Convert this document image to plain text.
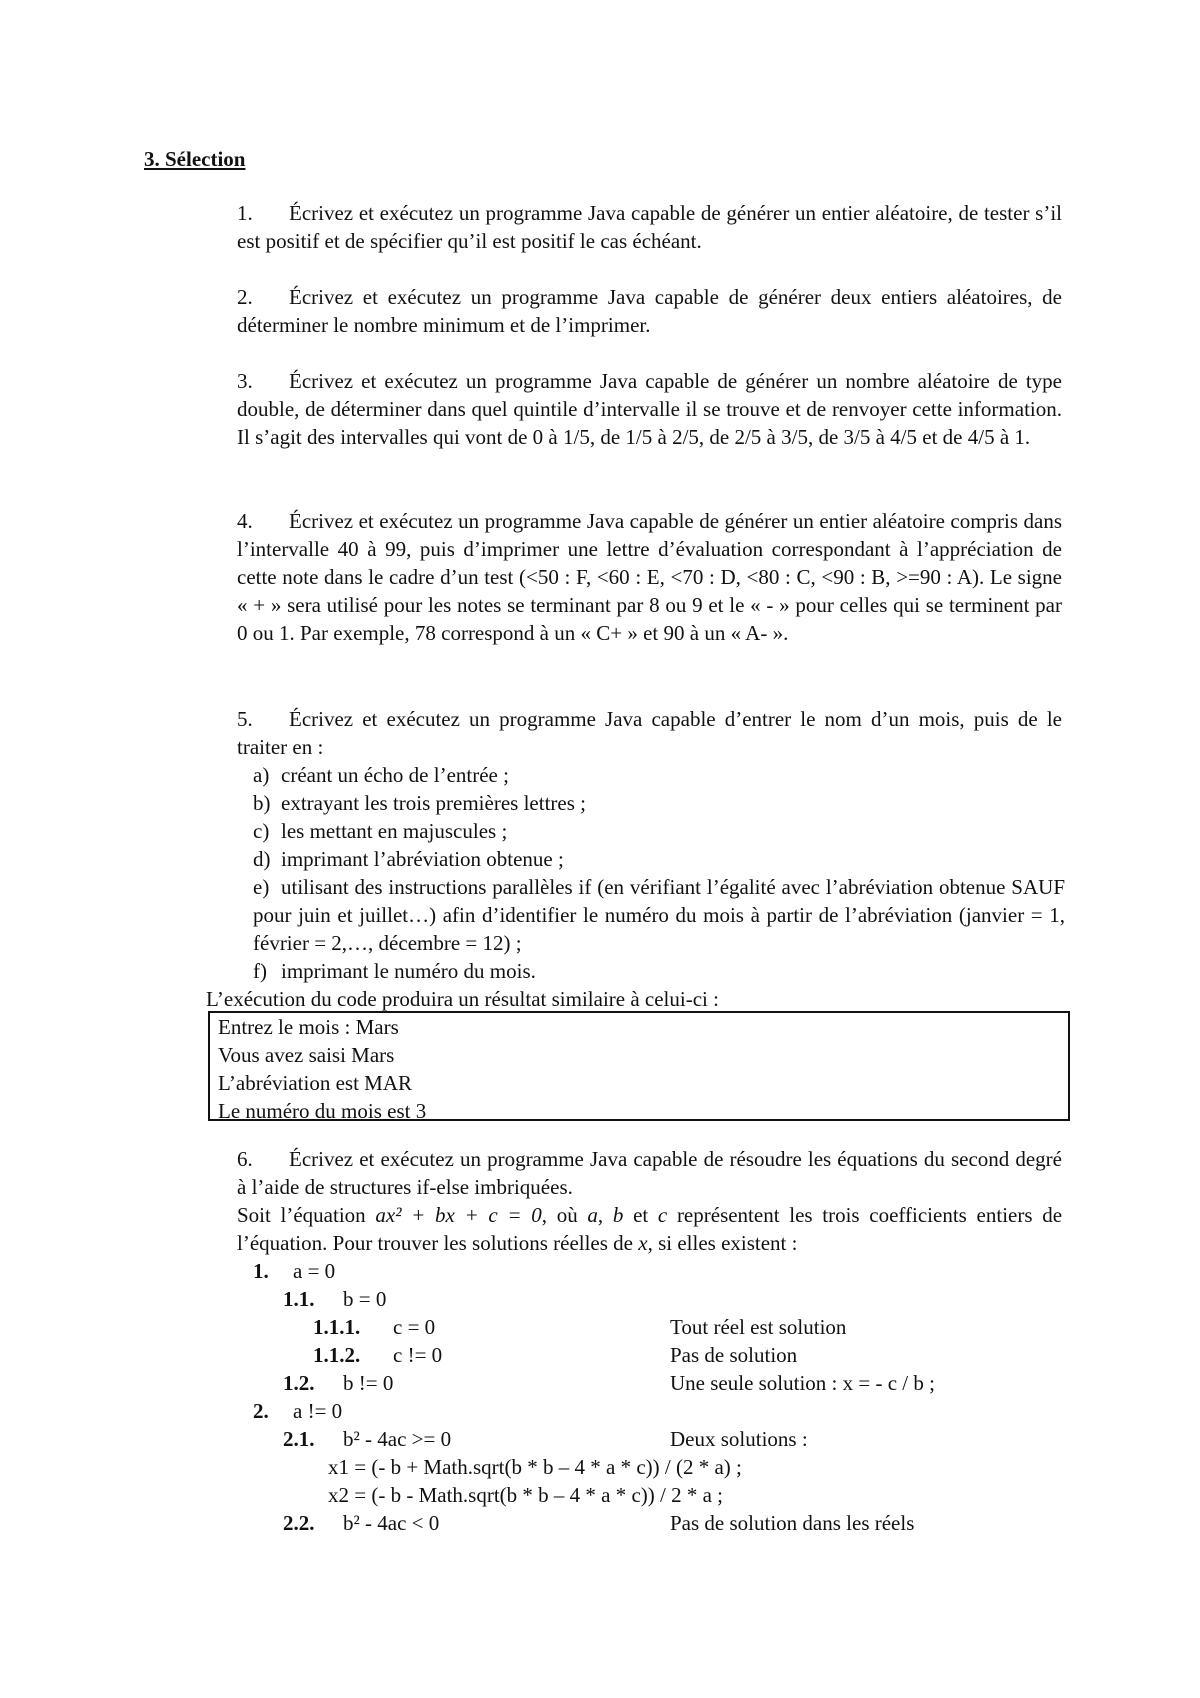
3. Sélection
1. Écrivez et exécutez un programme Java capable de générer un entier aléatoire, de tester s’il est positif et de spécifier qu’il est positif le cas échéant.
2. Écrivez et exécutez un programme Java capable de générer deux entiers aléatoires, de déterminer le nombre minimum et de l’imprimer.
3. Écrivez et exécutez un programme Java capable de générer un nombre aléatoire de type double, de déterminer dans quel quintile d’intervalle il se trouve et de renvoyer cette information. Il s’agit des intervalles qui vont de 0 à 1/5, de 1/5 à 2/5, de 2/5 à 3/5, de 3/5 à 4/5 et de 4/5 à 1.
4. Écrivez et exécutez un programme Java capable de générer un entier aléatoire compris dans l’intervalle 40 à 99, puis d’imprimer une lettre d’évaluation correspondant à l’appréciation de cette note dans le cadre d’un test (<50 : F, <60 : E, <70 : D, <80 : C, <90 : B, >=90 : A). Le signe « + » sera utilisé pour les notes se terminant par 8 ou 9 et le « - » pour celles qui se terminent par 0 ou 1. Par exemple, 78 correspond à un « C+ » et 90 à un « A- ».
5. Écrivez et exécutez un programme Java capable d’entrer le nom d’un mois, puis de le traiter en :
a) créant un écho de l’entrée ;
b) extrayant les trois premières lettres ;
c) les mettant en majuscules ;
d) imprimant l’abréviation obtenue ;
e) utilisant des instructions parallèles if (en vérifiant l’égalité avec l’abréviation obtenue SAUF pour juin et juillet…) afin d’identifier le numéro du mois à partir de l’abréviation (janvier = 1, février = 2,…, décembre = 12) ;
f) imprimant le numéro du mois.
L’exécution du code produira un résultat similaire à celui-ci :
Entrez le mois : Mars
Vous avez saisi Mars
L’abréviation est MAR
Le numéro du mois est 3
6. Écrivez et exécutez un programme Java capable de résoudre les équations du second degré à l’aide de structures if-else imbriquées.
Soit l’équation ax² + bx + c = 0, où a, b et c représentent les trois coefficients entiers de l’équation. Pour trouver les solutions réelles de x, si elles existent :
1. a = 0
1.1. b = 0
1.1.1. c = 0	Tout réel est solution
1.1.2. c != 0	Pas de solution
1.2. b != 0	Une seule solution : x = - c / b ;
2. a != 0
2.1. b² - 4ac >= 0	Deux solutions :
x1 = (- b + Math.sqrt(b * b – 4 * a * c)) / (2 * a) ;
x2 = (- b - Math.sqrt(b * b – 4 * a * c)) / 2 * a ;
2.2. b² - 4ac < 0	Pas de solution dans les réels
